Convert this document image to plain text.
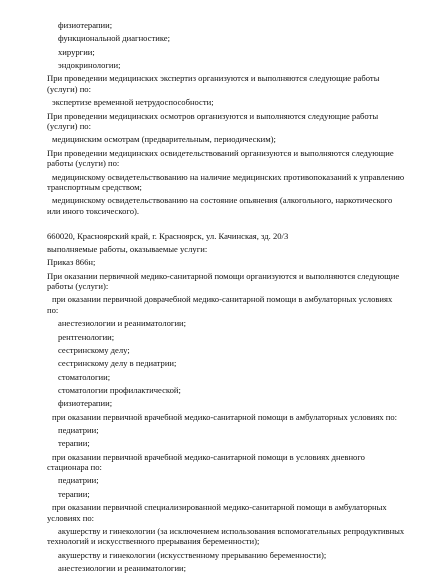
физиотерапии;
функциональной диагностике;
хирургии;
эндокринологии;
При проведении медицинских экспертиз организуются и выполняются следующие работы
(услуги) по:
экспертизе временной нетрудоспособности;
При проведении медицинских осмотров организуются и выполняются следующие работы
(услуги) по:
медицинским осмотрам (предварительным, периодическим);
При проведении медицинских освидетельствований организуются и выполняются следующие
работы (услуги) по:
медицинскому освидетельствованию на наличие медицинских противопоказаний к управлению
транспортным средством;
медицинскому освидетельствованию на состояние опьянения (алкогольного, наркотического
или иного токсического).
660020, Красноярский край, г. Красноярск, ул. Качинская, зд. 20/3
выполняемые работы, оказываемые услуги:
Приказ 866н;
При оказании первичной медико-санитарной помощи организуются и выполняются следующие
работы (услуги):
при оказании первичной доврачебной медико-санитарной помощи в амбулаторных условиях
по:
анестезиологии и реаниматологии;
рентгенологии;
сестринскому делу;
сестринскому делу в педиатрии;
стоматологии;
стоматологии профилактической;
физиотерапии;
при оказании первичной врачебной медико-санитарной помощи в амбулаторных условиях по:
педиатрии;
терапии;
при оказании первичной врачебной медико-санитарной помощи в условиях дневного
стационара по:
педиатрии;
терапии;
при оказании первичной специализированной медико-санитарной помощи в амбулаторных
условиях по:
акушерству и гинекологии (за исключением использования вспомогательных репродуктивных
технологий и искусственного прерывания беременности);
акушерству и гинекологии (искусственному прерыванию беременности);
анестезиологии и реаниматологии;
